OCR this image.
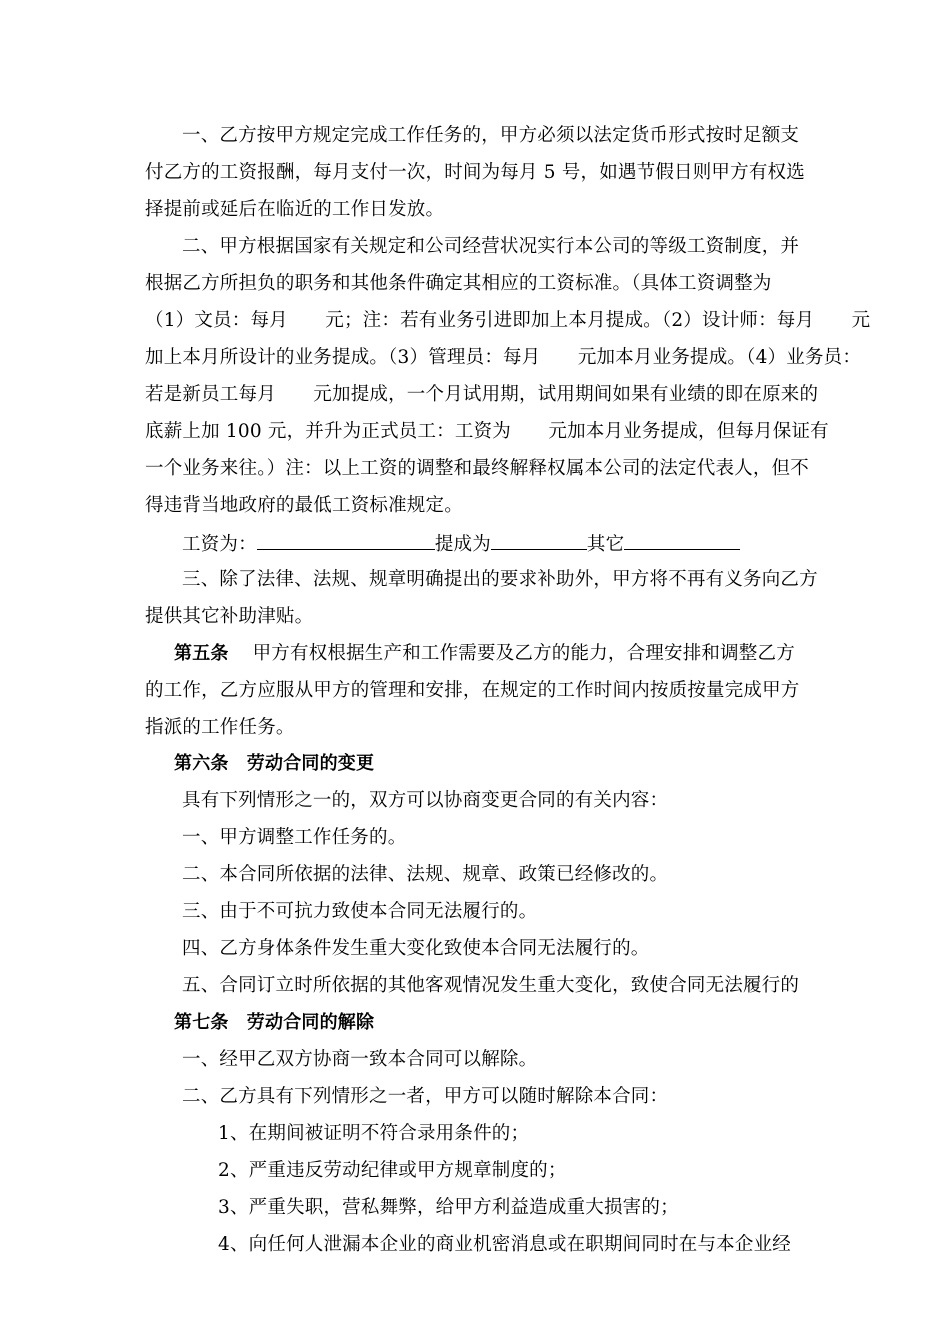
一、乙方按甲方规定完成工作任务的，甲方必须以法定货币形式按时足额支
付乙方的工资报酬，每月支付一次，时间为每月 5 号，如遇节假日则甲方有权选
择提前或延后在临近的工作日发放。
二、甲方根据国家有关规定和公司经营状况实行本公司的等级工资制度，并
根据乙方所担负的职务和其他条件确定其相应的工资标准。（具体工资调整为
（1）文员：每月　　元；注：若有业务引进即加上本月提成。（2）设计师：每月　　元
加上本月所设计的业务提成。（3）管理员：每月　　元加本月业务提成。（4）业务员：
若是新员工每月　　元加提成，一个月试用期，试用期间如果有业绩的即在原来的
底薪上加 100 元，并升为正式员工：工资为　　元加本月业务提成，但每月保证有
一个业务来往。）注：以上工资的调整和最终解释权属本公司的法定代表人，但不
得违背当地政府的最低工资标准规定。
工资为：	提成为	其它
三、除了法律、法规、规章明确提出的要求补助外，甲方将不再有义务向乙方
提供其它补助津贴。
第五条 甲方有权根据生产和工作需要及乙方的能力，合理安排和调整乙方
的工作，乙方应服从甲方的管理和安排，在规定的工作时间内按质按量完成甲方
指派的工作任务。
第六条　劳动合同的变更
具有下列情形之一的，双方可以协商变更合同的有关内容：
一、甲方调整工作任务的。
二、本合同所依据的法律、法规、规章、政策已经修改的。
三、由于不可抗力致使本合同无法履行的。
四、乙方身体条件发生重大变化致使本合同无法履行的。
五、合同订立时所依据的其他客观情况发生重大变化，致使合同无法履行的
第七条　劳动合同的解除
一、经甲乙双方协商一致本合同可以解除。
二、乙方具有下列情形之一者，甲方可以随时解除本合同：
1、在期间被证明不符合录用条件的；
2、严重违反劳动纪律或甲方规章制度的；
3、严重失职，营私舞弊，给甲方利益造成重大损害的；
4、向任何人泄漏本企业的商业机密消息或在职期间同时在与本企业经
